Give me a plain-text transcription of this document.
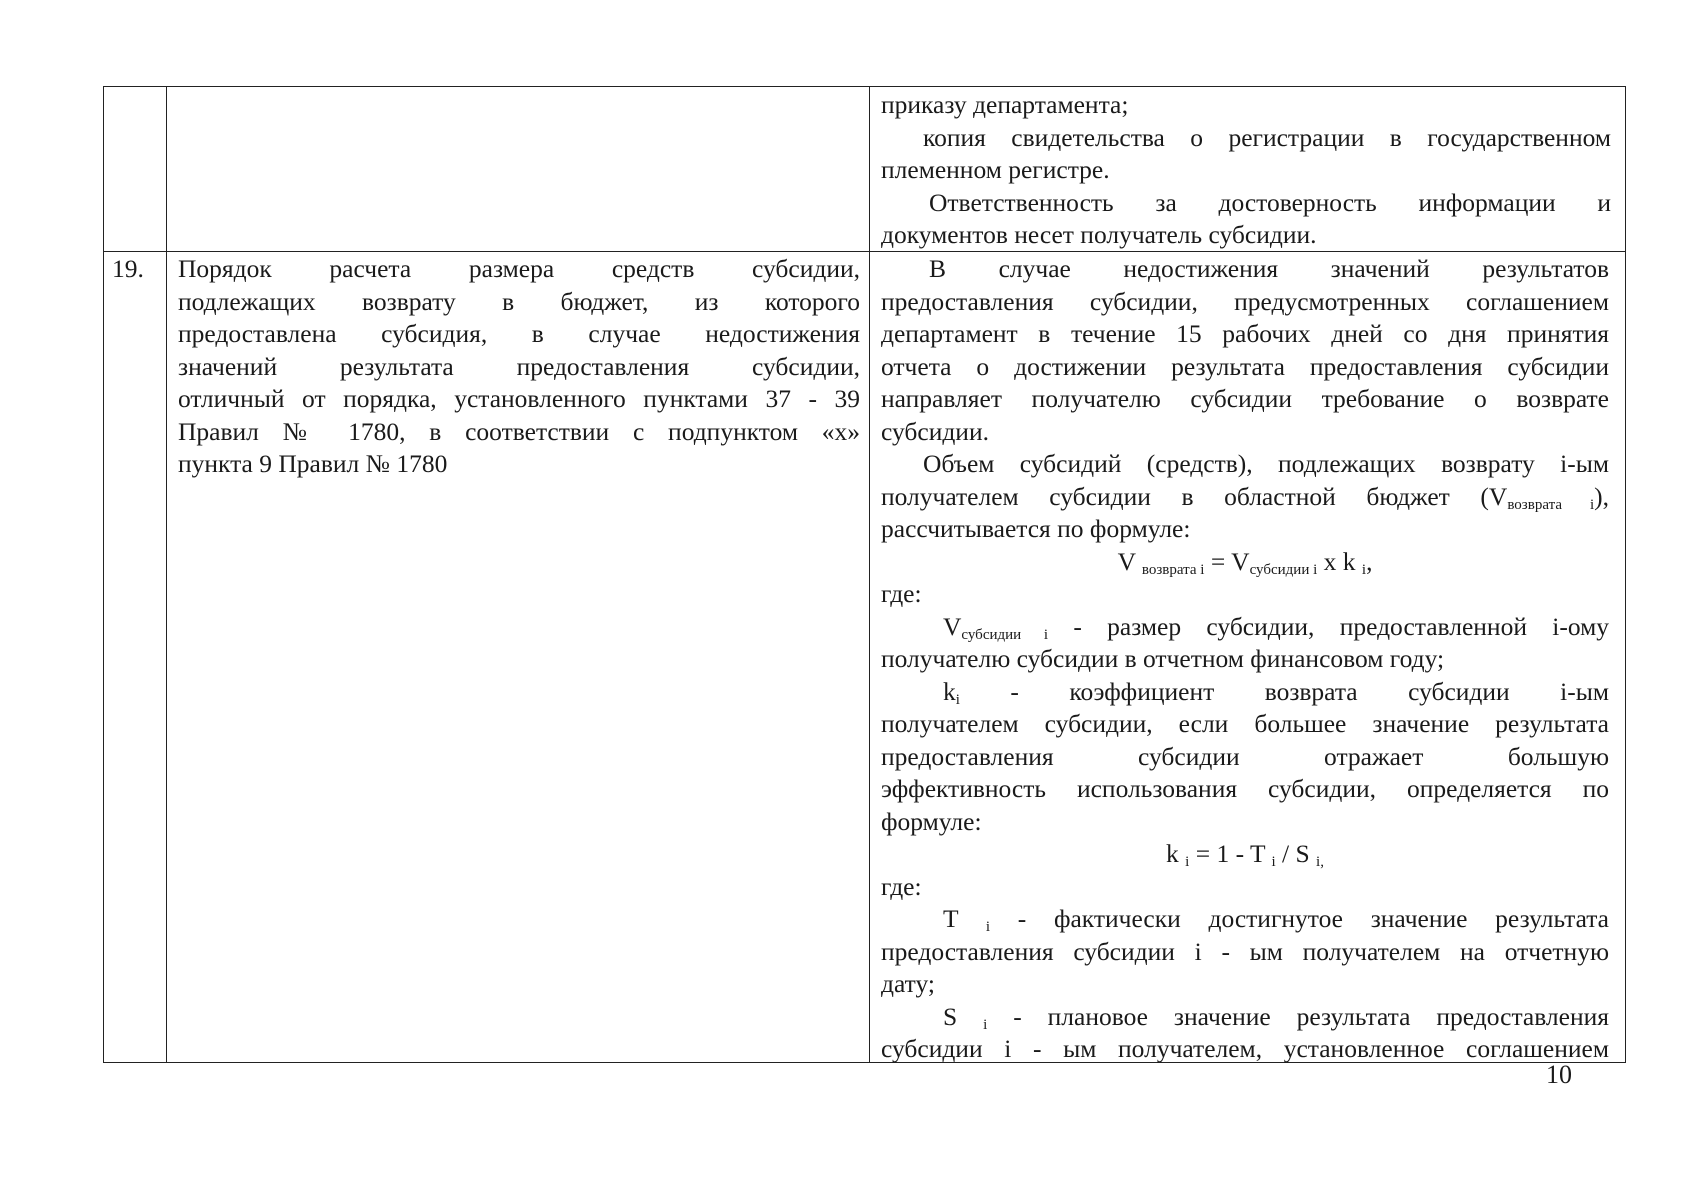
приказу департамента;
копия свидетельства о регистрации в государственном
племенном регистре.
Ответственность за достоверность информации и
документов несет получатель субсидии.
19.	Порядок расчета размера средств субсидии,
подлежащих возврату в бюджет, из которого
предоставлена субсидия, в случае недостижения
значений результата предоставления субсидии,
отличный от порядка, установленного пунктами 37 - 39
Правил № 1780, в соответствии с подпунктом «х»
пункта 9 Правил № 1780
В случае недостижения значений результатов
предоставления субсидии, предусмотренных соглашением
департамент в течение 15 рабочих дней со дня принятия
отчета о достижении результата предоставления субсидии
направляет получателю субсидии требование о возврате
субсидии.
Объем субсидий (средств), подлежащих возврату i-ым
получателем субсидии в областной бюджет $(V_{возврата i})$,
рассчитывается по формуле:
V $_{возврата i} = V_{субсидии i}$ x k $_i$,
где:
$V_{субсидии i}$ - размер субсидии, предоставленной i-ому
получателю субсидии в отчетном финансовом году;
$k_i$ - коэффициент возврата субсидии i-ым
получателем субсидии, если большее значение результата
предоставления субсидии отражает большую
эффективность использования субсидии, определяется по
формуле:
k $_i$ = 1 - T $_i$ / S $_{i,}$
где:
T $_i$ - фактически достигнутое значение результата
предоставления субсидии i - ым получателем на отчетную
дату;
S $_i$ - плановое значение результата предоставления
субсидии i - ым получателем, установленное соглашением
10
